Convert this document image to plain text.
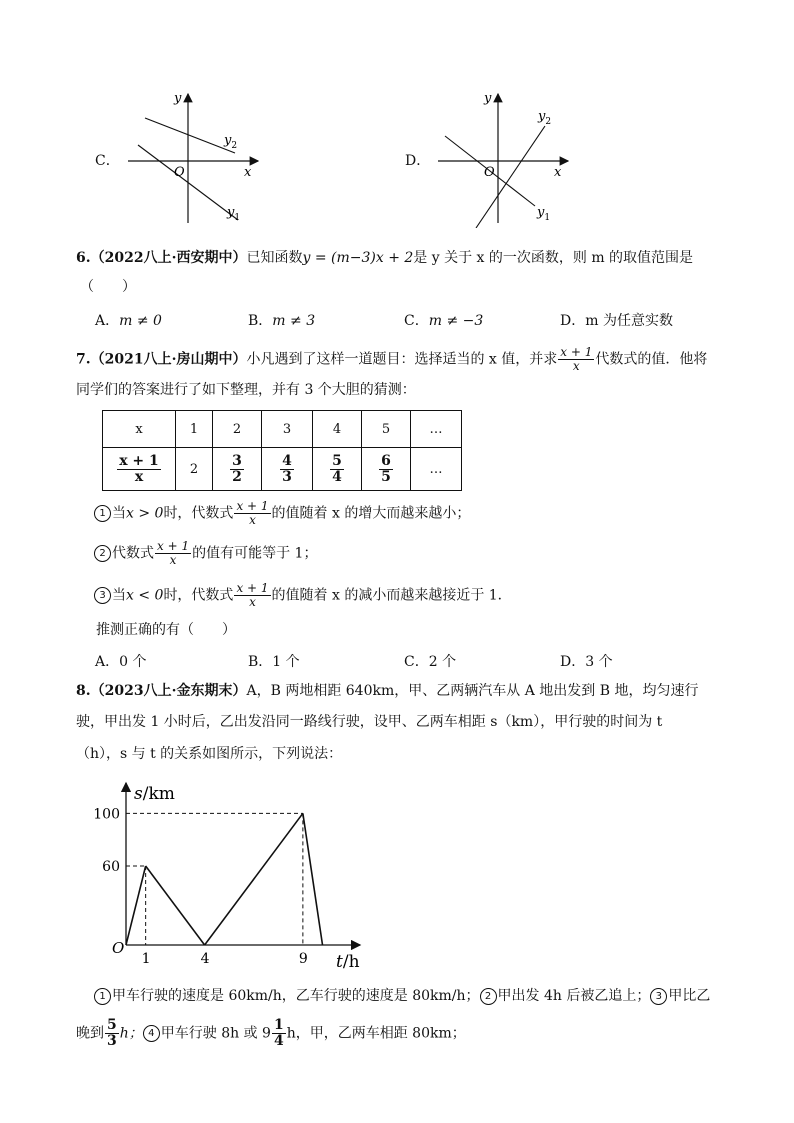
C．
y
x
O
$y_2$
$y_1$
D．
y
x
O
$y_2$
$y_1$
6.（2022八上·西安期中）已知函数y = (m−3)x + 2是 y 关于 x 的一次函数，则 m 的取值范围是
（　　）
A．m ≠ 0	B．m ≠ 3	C．m ≠ −3	D．m 为任意实数
7.（2021八上·房山期中）小凡遇到了这样一道题目：选择适当的 x 值，并求 $\frac{x + 1}{x}$ 代数式的值．他将
同学们的答案进行了如下整理，并有 3 个大胆的猜测：
x	1	2	3	4	5	…

$\frac{x + 1}{x}$	2	$\frac{3}{2}$	$\frac{4}{3}$	$\frac{5}{4}$	$\frac{6}{5}$	…
1 当x > 0时，代数式 $\frac{x + 1}{x}$ 的值随着 x 的增大而越来越小；
2 代数式 $\frac{x + 1}{x}$ 的值有可能等于 1；
3 当x < 0时，代数式 $\frac{x + 1}{x}$ 的值随着 x 的减小而越来越接近于 1．
推测正确的有（　　）
A．0 个	B．1 个	C．2 个	D．3 个
8.（2023八上·金东期末）A，B 两地相距 640km，甲、乙两辆汽车从 A 地出发到 B 地，均匀速行
驶，甲出发 1 小时后，乙出发沿同一路线行驶，设甲、乙两车相距 s（km），甲行驶的时间为 t
（h），s 与 t 的关系如图所示，下列说法：
1	4	9
60
100
O
s/km
t/h
1 甲车行驶的速度是 60km/h，乙车行驶的速度是 80km/h； 2 甲出发 4h 后被乙追上； 3 甲比乙
晚到 $\frac{5}{3}$ h； 4 甲车行驶 8h 或 $9 \frac{1}{4}$ h，甲，乙两车相距 80km；
